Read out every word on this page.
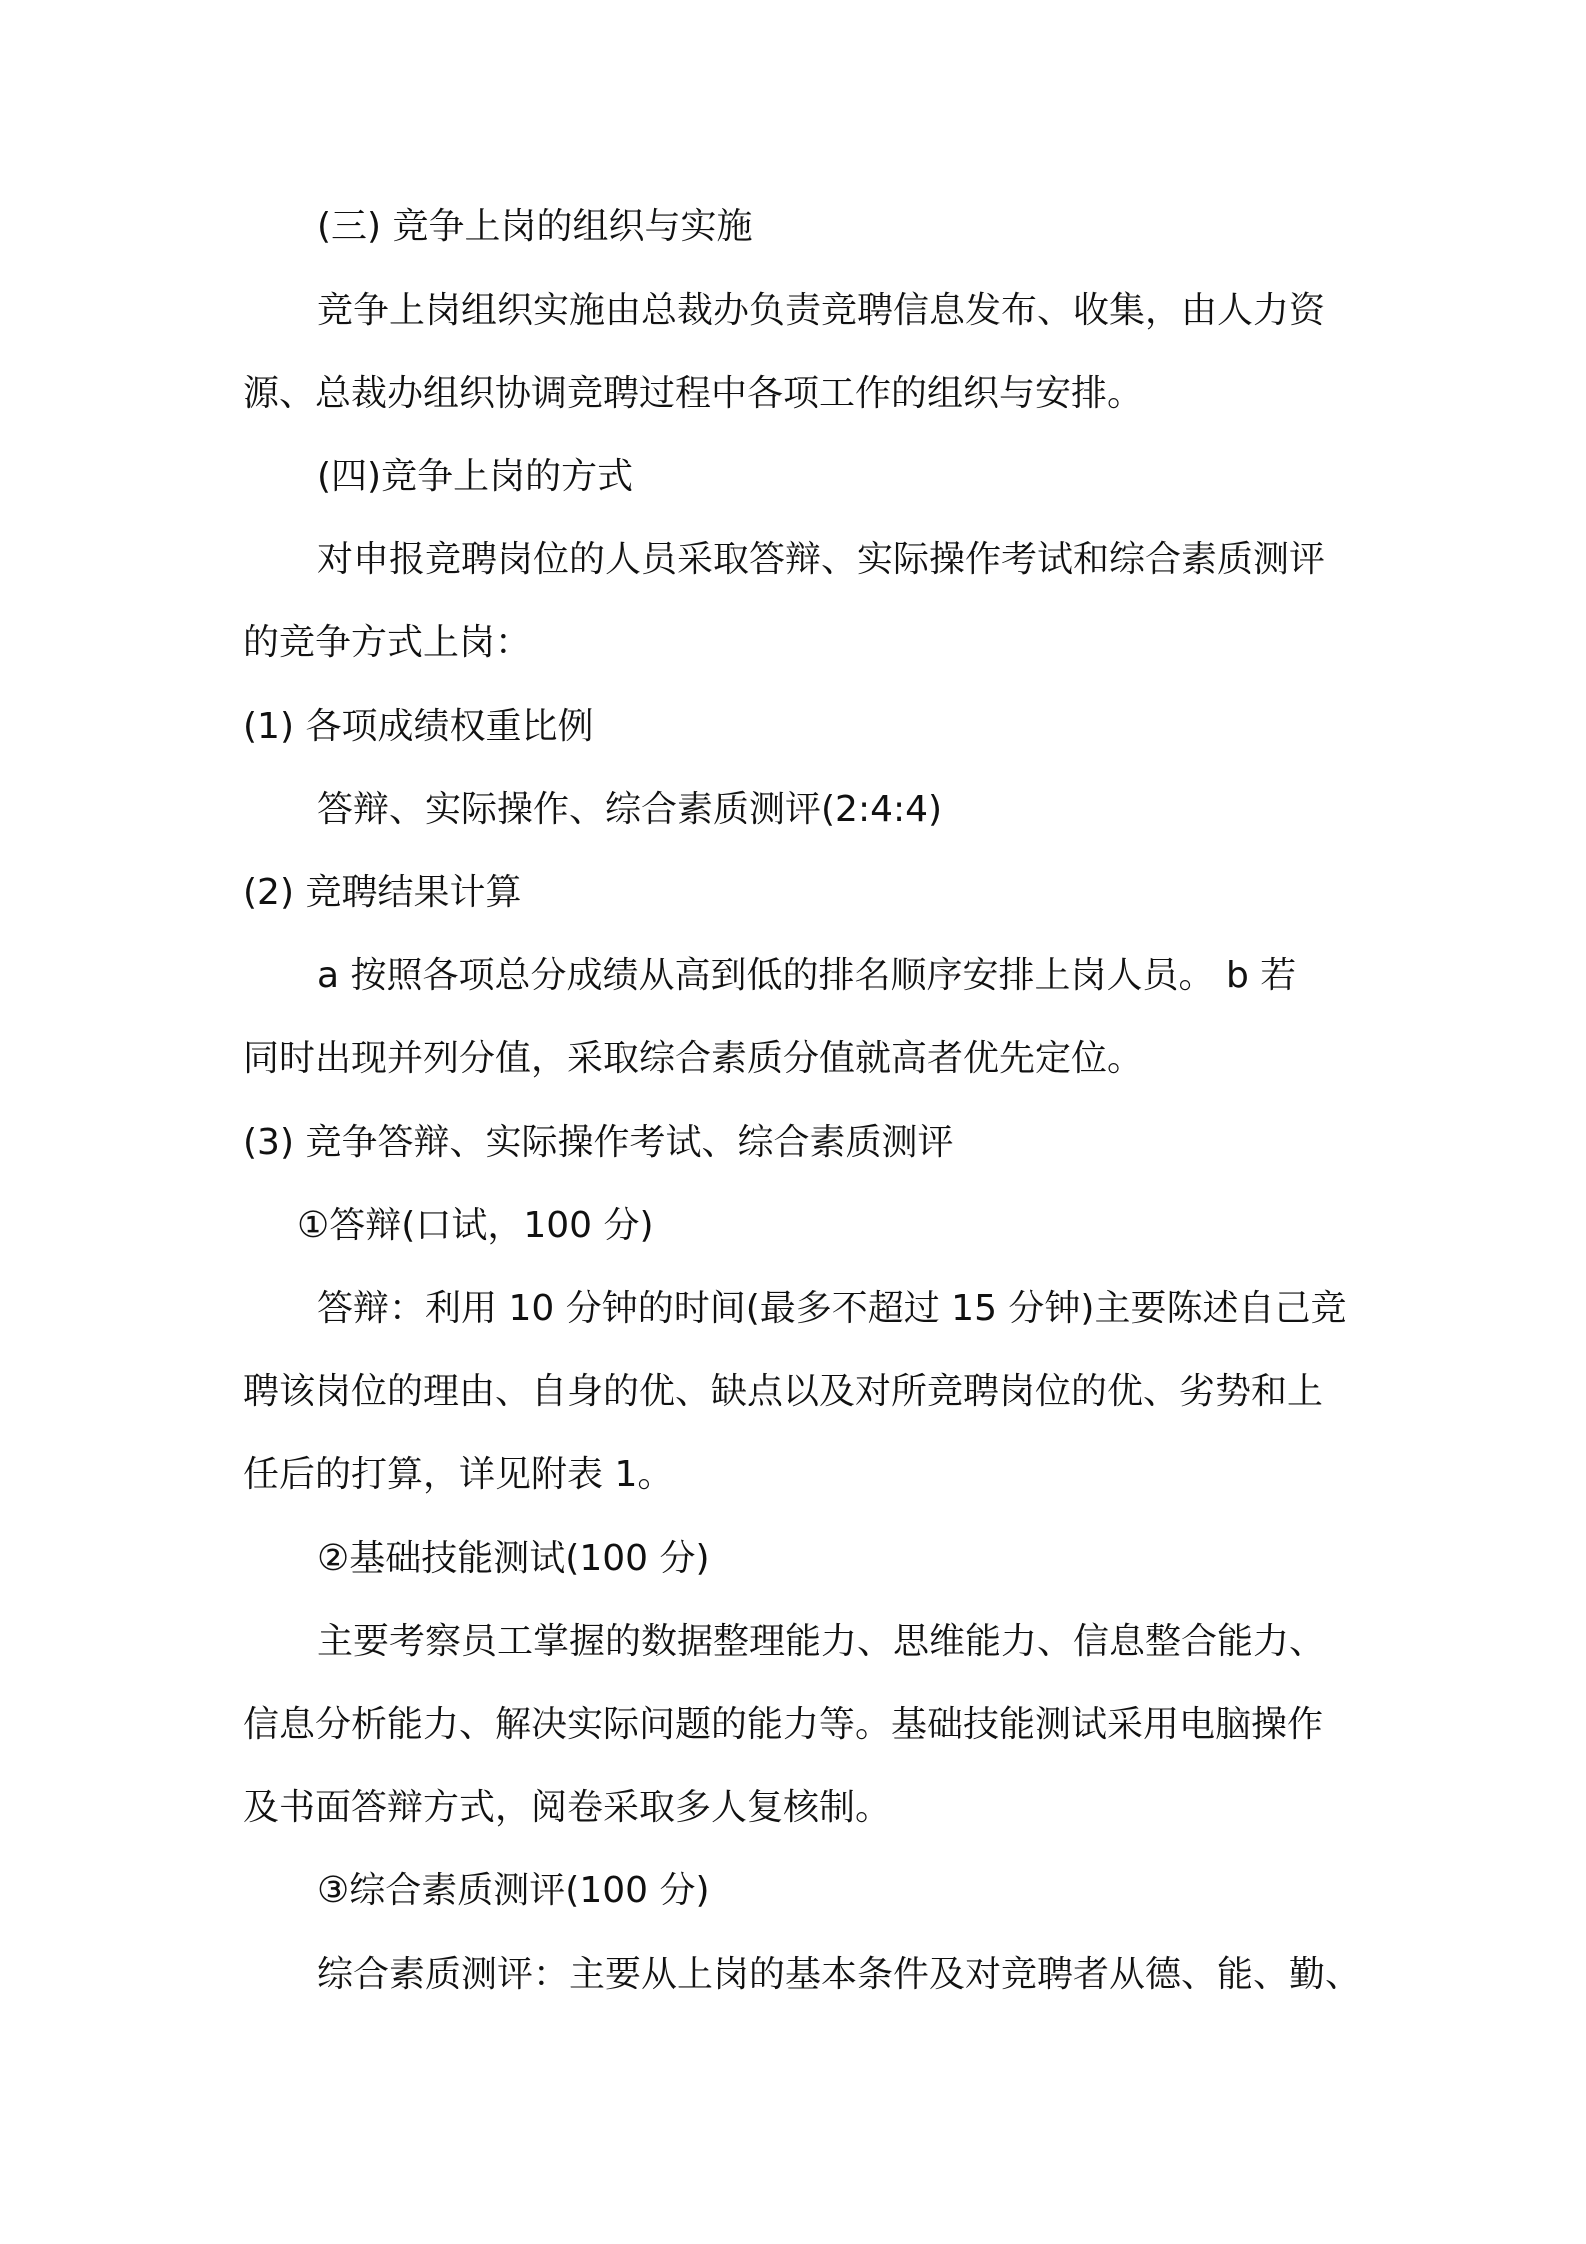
(三) 竞争上岗的组织与实施
竞争上岗组织实施由总裁办负责竞聘信息发布、收集，由人力资
源、总裁办组织协调竞聘过程中各项工作的组织与安排。
(四)竞争上岗的方式
对申报竞聘岗位的人员采取答辩、实际操作考试和综合素质测评
的竞争方式上岗：
(1) 各项成绩权重比例
答辩、实际操作、综合素质测评(2:4:4)
(2) 竞聘结果计算
a 按照各项总分成绩从高到低的排名顺序安排上岗人员。 b 若
同时出现并列分值，采取综合素质分值就高者优先定位。
(3) 竞争答辩、实际操作考试、综合素质测评
①答辩(口试，100 分)
答辩：利用 10 分钟的时间(最多不超过 15 分钟)主要陈述自己竞
聘该岗位的理由、自身的优、缺点以及对所竞聘岗位的优、劣势和上
任后的打算，详见附表 1。
②基础技能测试(100 分)
主要考察员工掌握的数据整理能力、思维能力、信息整合能力、
信息分析能力、解决实际问题的能力等。基础技能测试采用电脑操作
及书面答辩方式，阅卷采取多人复核制。
③综合素质测评(100 分)
综合素质测评：主要从上岗的基本条件及对竞聘者从德、能、勤、
